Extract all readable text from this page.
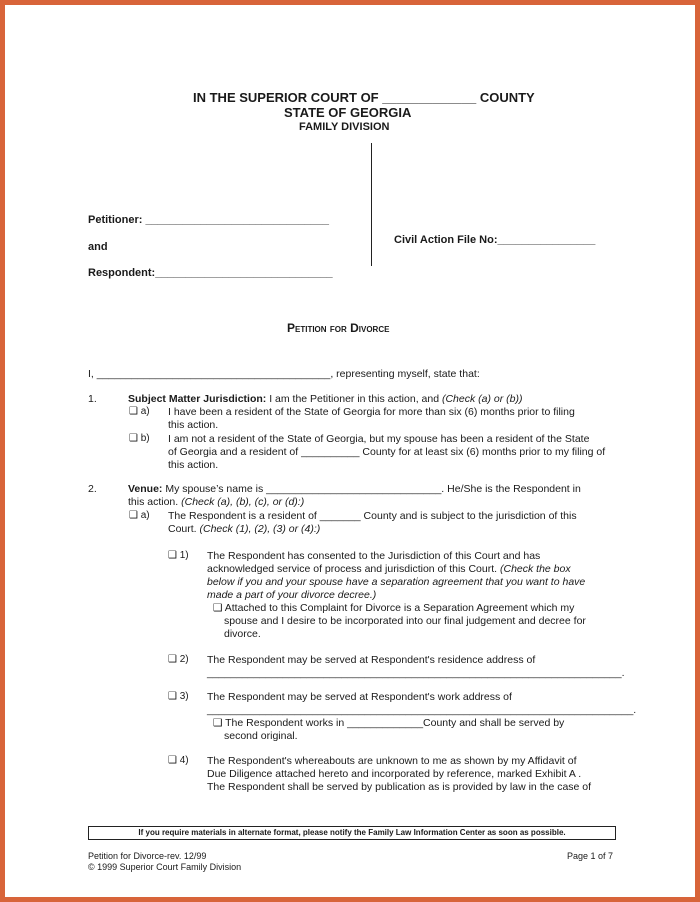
IN THE SUPERIOR COURT OF _____________ COUNTY
STATE OF GEORGIA
FAMILY DIVISION
Petitioner: ______________________________
and
Respondent:_____________________________
Civil Action File No:________________
Petition for Divorce
I, ________________________________________, representing myself, state that:
1.	Subject Matter Jurisdiction: I am the Petitioner in this action, and (Check (a) or (b))
❑ a) I have been a resident of the State of Georgia for more than six (6) months prior to filing
this action.
❑ b) I am not a resident of the State of Georgia, but my spouse has been a resident of the State
of Georgia and a resident of __________ County for at least six (6) months prior to my filing of
this action.
2.	Venue: My spouse’s name is ______________________________. He/She is the Respondent in
this action. (Check (a), (b), (c), or (d):)
❑ a) The Respondent is a resident of _______ County and is subject to the jurisdiction of this
Court. (Check (1), (2), (3) or (4):)
❑ 1) The Respondent has consented to the Jurisdiction of this Court and has
acknowledged service of process and jurisdiction of this Court. (Check the box
below if you and your spouse have a separation agreement that you want to have
made a part of your divorce decree.)
❑ Attached to this Complaint for Divorce is a Separation Agreement which my
spouse and I desire to be incorporated into our final judgement and decree for
divorce.
❑ 2) The Respondent may be served at Respondent's residence address of
_______________________________________________________________________.
❑ 3) The Respondent may be served at Respondent's work address of
_________________________________________________________________________.
❑ The Respondent works in _____________County and shall be served by
second original.
❑ 4) The Respondent's whereabouts are unknown to me as shown by my Affidavit of
Due Diligence attached hereto and incorporated by reference, marked Exhibit A .
The Respondent shall be served by publication as is provided by law in the case of
If you require materials in alternate format, please notify the Family Law Information Center as soon as possible.
Petition for Divorce-rev. 12/99
© 1999 Superior Court Family Division
Page 1 of 7
